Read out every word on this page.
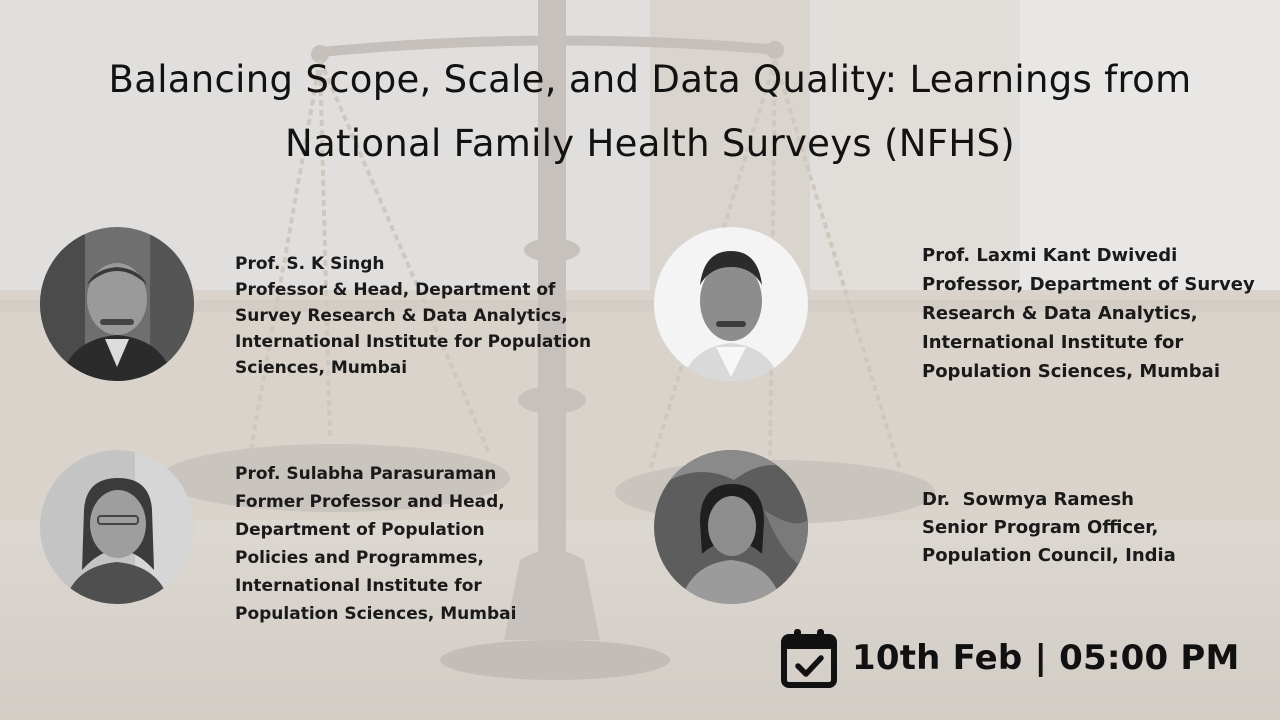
Balancing Scope, Scale, and Data Quality: Learnings from
National Family Health Surveys (NFHS)
Prof. S. K Singh
Professor & Head, Department of
Survey Research & Data Analytics,
International Institute for Population
Sciences, Mumbai
Prof. Laxmi Kant Dwivedi
Professor, Department of Survey
Research & Data Analytics,
International Institute for
Population Sciences, Mumbai
Prof. Sulabha Parasuraman
Former Professor and Head,
Department of Population
Policies and Programmes,
International Institute for
Population Sciences, Mumbai
Dr.  Sowmya Ramesh
Senior Program Officer,
Population Council, India
10th Feb | 05:00 PM
